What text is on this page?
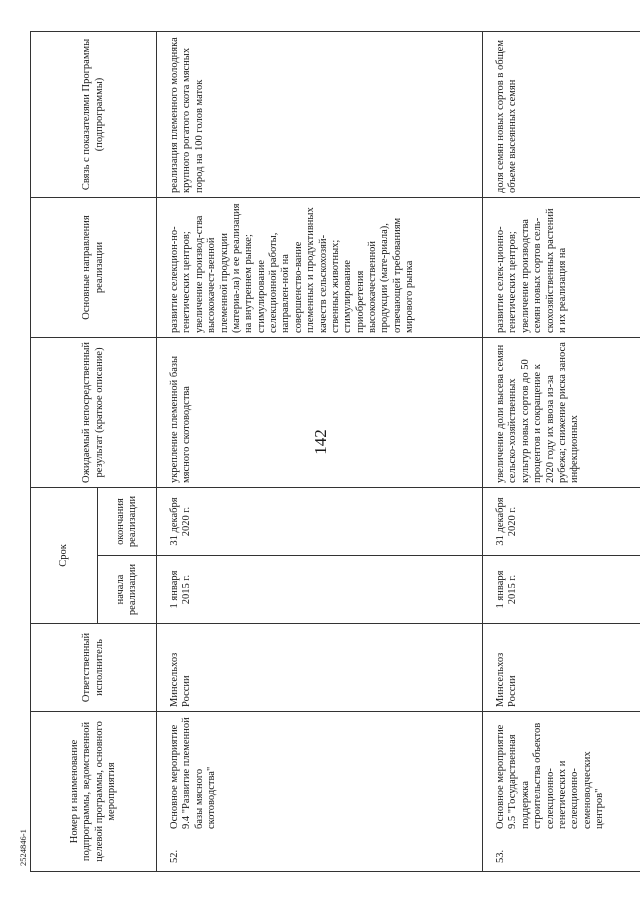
142
Номер и наименование подпрограммы, ведомственной целевой программы, основного мероприятия	Ответственный исполнитель	Срок		Ожидаемый непосредственный результат (краткое описание)	Основные направления реализации	Связь с показателями Программы (подпрограммы)
		начала реализации	окончания реализации			

52.
Основное мероприятие 9.4 "Развитие племенной базы мясного скотоводства"	Минсельхоз России	1 января 2015 г.	31 декабря 2020 г.	укрепление племенной базы мясного скотоводства	развитие селекцион-но-генетических центров; увеличение производ-ства высококачест-венной племенной продукции (материа-ла) и ее реализация на внутреннем рынке; стимулирование селекционной работы, направлен-ной на совершенство-вание племенных и продуктивных качеств сельскохозяй-ственных животных; стимулирование приобретения высококачественной продукции (мате-риала), отвечающей требованиям мирового рынка	реализация племенного молодняка крупного рогатого скота мясных пород на 100 голов маток

53.
Основное мероприятие 9.5 "Государственная поддержка строительства объектов селекционно-генетических и селекционно-семеноводческих центров"	Минсельхоз России	1 января 2015 г.	31 декабря 2020 г.	увеличение доли высева семян сельско-хозяйственных культур новых сортов до 50 процентов и сокращение к 2020 году их ввоза из-за рубежа; снижение риска заноса инфекционных	развитие селек-ционно-генетических центров; увеличение производства семян новых сортов сель-скохозяйственных растений и их реализация на	доля семян новых сортов в общем объеме высеянных семян
2524846-1
